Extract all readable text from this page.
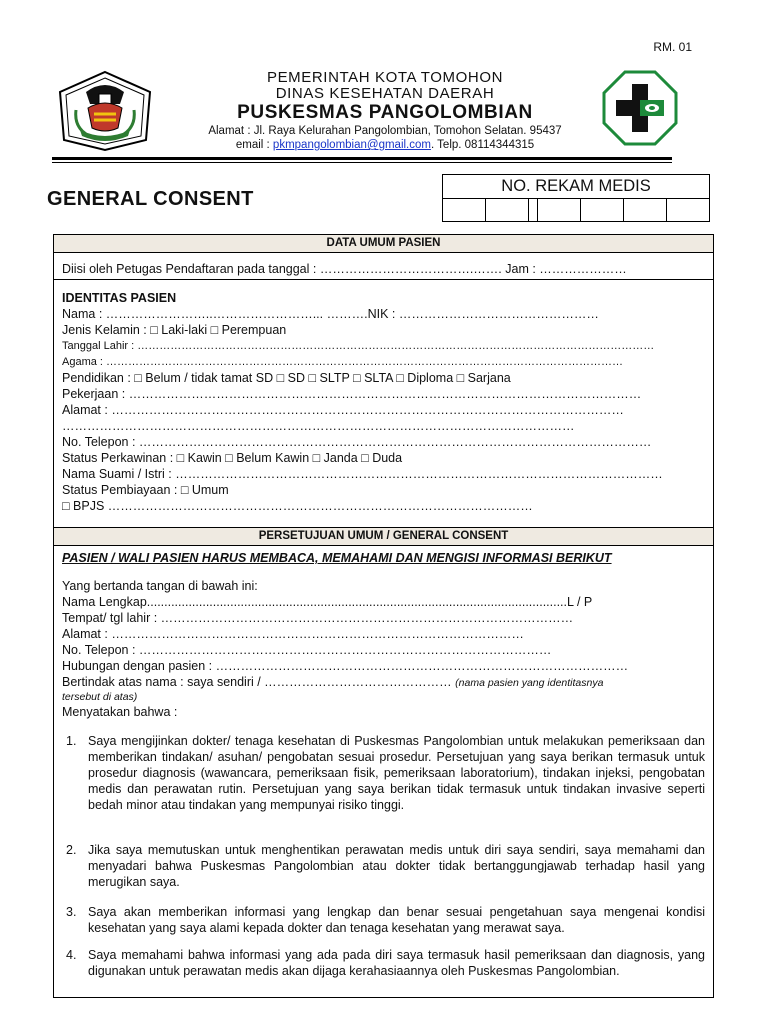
RM. 01
PEMERINTAH KOTA TOMOHON
DINAS KESEHATAN DAERAH
PUSKESMAS PANGOLOMBIAN
Alamat : Jl. Raya Kelurahan Pangolombian, Tomohon Selatan. 95437
email : pkmpangolombian@gmail.com. Telp. 08114344315
GENERAL CONSENT
NO. REKAM MEDIS
DATA UMUM PASIEN
Diisi oleh Petugas Pendaftaran pada tanggal : ……………………………….……. Jam : …………………
IDENTITAS PASIEN
Nama : ……………………..……………………... ……….NIK : …………………………………………
Jenis Kelamin : □ Laki-laki □ Perempuan
Tanggal Lahir : ……………………………………………………………………………………………………………………………
Agama : ……………………………………………………………………………………………………………………………
Pendidikan : □ Belum / tidak tamat SD □ SD □ SLTP □ SLTA □ Diploma □ Sarjana
Pekerjaan : ……………………………………………………………………………………………………………
Alamat : ……………………………………………………………………………………………………………
……………………………………………………………………………………………………………
No. Telepon : ……………………………………………………………………………………………………………
Status Perkawinan : □ Kawin □ Belum Kawin □ Janda □ Duda
Nama Suami / Istri : ………………………………………………………………………………………………………
Status Pembiayaan : □ Umum
□ BPJS …………………………………………………………………………………………
PERSETUJUAN UMUM / GENERAL CONSENT
PASIEN / WALI PASIEN HARUS MEMBACA, MEMAHAMI DAN MENGISI INFORMASI BERIKUT
Yang bertanda tangan di bawah ini:
Nama Lengkap.........................................................................................................................L / P
Tempat/ tgl lahir : ………………………………………………………………………………………
Alamat : ………………………………………………………………………………………
No. Telepon : ………………………………………………………………………………………
Hubungan dengan pasien : ………………………………………………………………………………………
Bertindak atas nama : saya sendiri / ……………………………………… (nama pasien yang identitasnya
tersebut di atas)
Menyatakan bahwa :
1. Saya mengijinkan dokter/ tenaga kesehatan di Puskesmas Pangolombian untuk melakukan pemeriksaan dan memberikan tindakan/ asuhan/ pengobatan sesuai prosedur. Persetujuan yang saya berikan termasuk untuk prosedur diagnosis (wawancara, pemeriksaan fisik, pemeriksaan laboratorium), tindakan injeksi, pengobatan medis dan perawatan rutin. Persetujuan yang saya berikan tidak termasuk untuk tindakan invasive seperti bedah minor atau tindakan yang mempunyai risiko tinggi.
2. Jika saya memutuskan untuk menghentikan perawatan medis untuk diri saya sendiri, saya memahami dan menyadari bahwa Puskesmas Pangolombian atau dokter tidak bertanggungjawab terhadap hasil yang merugikan saya.
3. Saya akan memberikan informasi yang lengkap dan benar sesuai pengetahuan saya mengenai kondisi kesehatan yang saya alami kepada dokter dan tenaga kesehatan yang merawat saya.
4. Saya memahami bahwa informasi yang ada pada diri saya termasuk hasil pemeriksaan dan diagnosis, yang digunakan untuk perawatan medis akan dijaga kerahasiaannya oleh Puskesmas Pangolombian.
